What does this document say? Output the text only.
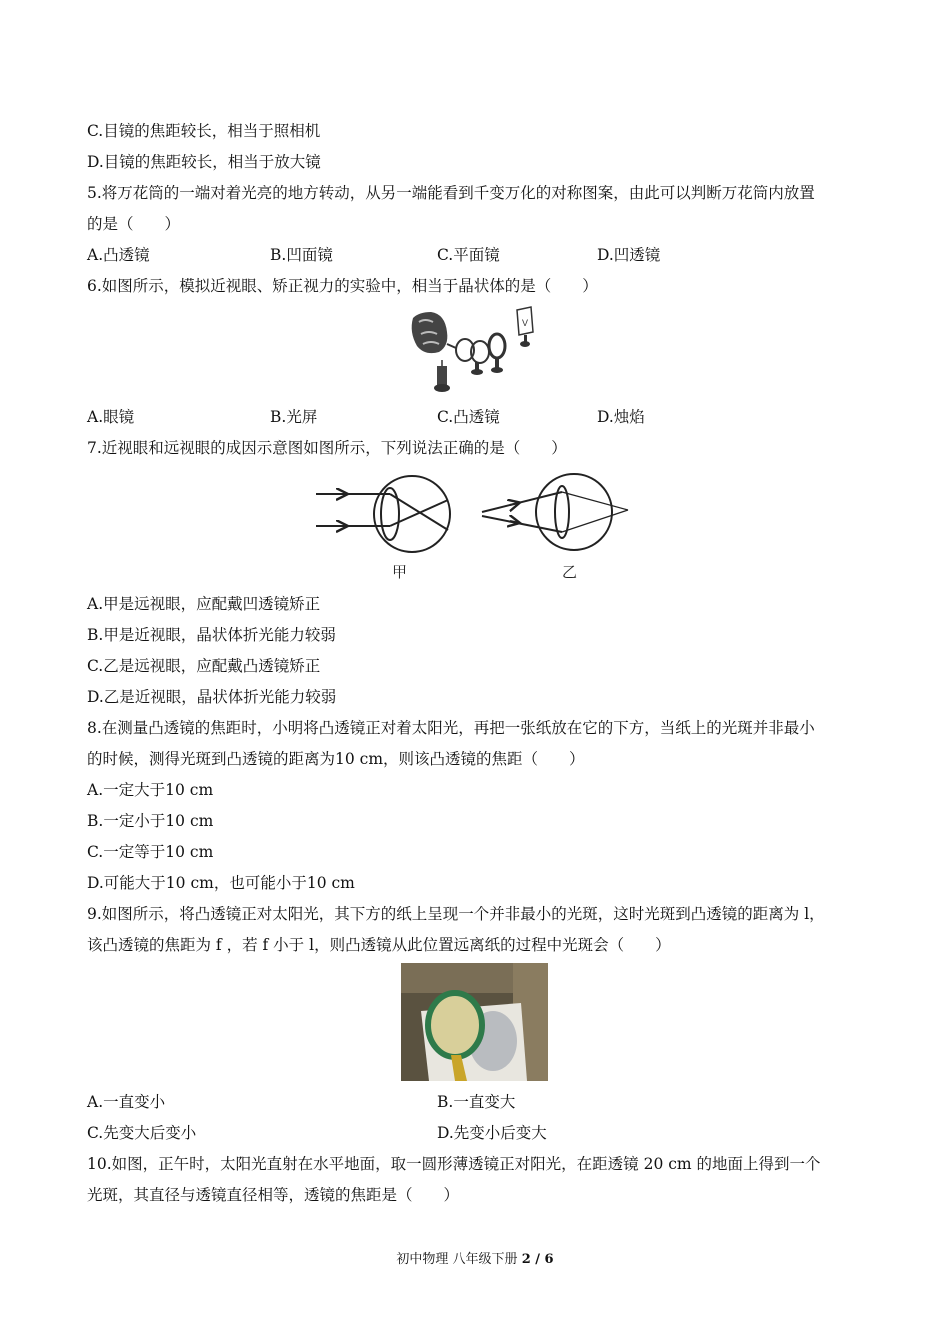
C.目镜的焦距较长，相当于照相机
D.目镜的焦距较长，相当于放大镜
5.将万花筒的一端对着光亮的地方转动，从另一端能看到千变万化的对称图案，由此可以判断万花筒内放置
的是（　　）
A.凸透镜	B.凹面镜	C.平面镜	D.凹透镜
6.如图所示，模拟近视眼、矫正视力的实验中，相当于晶状体的是（　　）
V
A.眼镜	B.光屏	C.凸透镜	D.烛焰
7.近视眼和远视眼的成因示意图如图所示，下列说法正确的是（　　）
甲	乙
A.甲是远视眼，应配戴凹透镜矫正
B.甲是近视眼，晶状体折光能力较弱
C.乙是远视眼，应配戴凸透镜矫正
D.乙是近视眼，晶状体折光能力较弱
8.在测量凸透镜的焦距时，小明将凸透镜正对着太阳光，再把一张纸放在它的下方，当纸上的光斑并非最小
的时候，测得光斑到凸透镜的距离为10 cm，则该凸透镜的焦距（　　）
A.一定大于10 cm
B.一定小于10 cm
C.一定等于10 cm
D.可能大于10 cm，也可能小于10 cm
9.如图所示，将凸透镜正对太阳光，其下方的纸上呈现一个并非最小的光斑，这时光斑到凸透镜的距离为 l，
该凸透镜的焦距为 f ，若 f 小于 l，则凸透镜从此位置远离纸的过程中光斑会（　　）
A.一直变小	B.一直变大
C.先变大后变小	D.先变小后变大
10.如图，正午时，太阳光直射在水平地面，取一圆形薄透镜正对阳光，在距透镜 20 cm 的地面上得到一个
光斑，其直径与透镜直径相等，透镜的焦距是（　　）
初中物理 八年级下册 2 / 6
